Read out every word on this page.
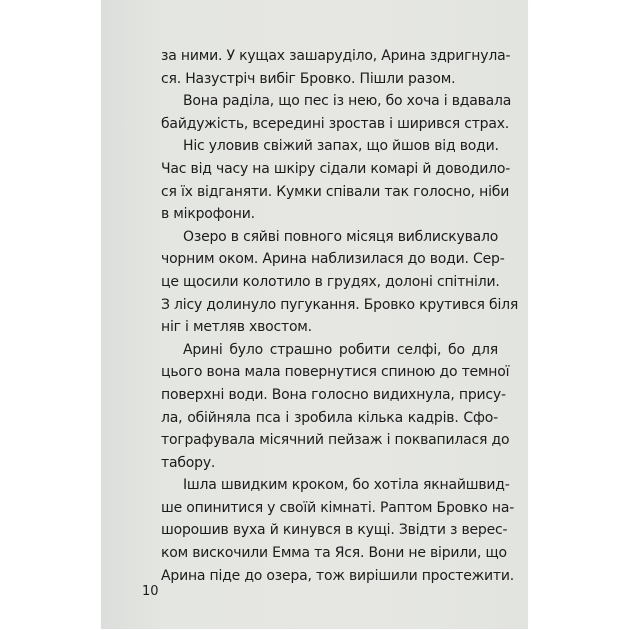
за ними. У кущах зашаруділо, Арина здригнула-
ся. Назустріч вибіг Бровко. Пішли разом.
Вона раділа, що пес із нею, бо хоча і вдавала
байдужість, всередині зростав і ширився страх.
Ніс уловив свіжий запах, що йшов від води.
Час від часу на шкіру сідали комарі й доводило-
ся їх відганяти. Кумки співали так голосно, ніби
в мікрофони.
Озеро в сяйві повного місяця виблискувало
чорним оком. Арина наблизилася до води. Сер-
це щосили колотило в грудях, долоні спітніли.
З лісу долинуло пугукання. Бровко крутився біля
ніг і метляв хвостом.
Арині було страшно робити селфі, бо для
цього вона мала повернутися спиною до темної
поверхні води. Вона голосно видихнула, прису-
ла, обійняла пса і зробила кілька кадрів. Сфо-
тографувала місячний пейзаж і поквапилася до
табору.
Ішла швидким кроком, бо хотіла якнайшвид-
ше опинитися у своїй кімнаті. Раптом Бровко на-
шорошив вуха й кинувся в кущі. Звідти з верес-
ком вискочили Емма та Яся. Вони не вірили, що
Арина піде до озера, тож вирішили простежити.
10
